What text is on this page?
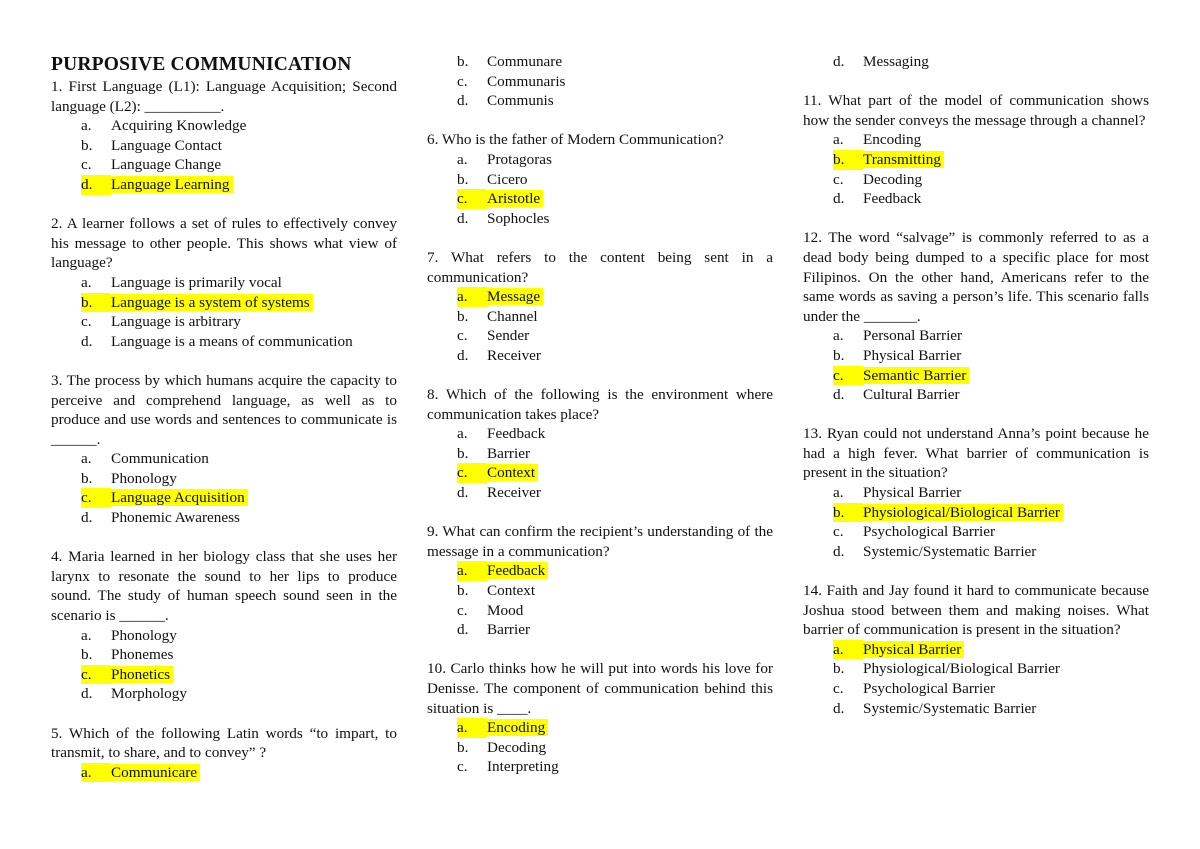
PURPOSIVE COMMUNICATION

1. First Language (L1): Language Acquisition; Second language (L2): __________.

a. Acquiring Knowledge
b. Language Contact
c. Language Change
d. Language Learning

2. A learner follows a set of rules to effectively convey his message to other people. This shows what view of language?

a. Language is primarily vocal
b. Language is a system of systems
c. Language is arbitrary
d. Language is a means of communication

3. The process by which humans acquire the capacity to perceive and comprehend language, as well as to produce and use words and sentences to communicate is ______.

a. Communication
b. Phonology
c. Language Acquisition
d. Phonemic Awareness

4. Maria learned in her biology class that she uses her larynx to resonate the sound to her lips to produce sound. The study of human speech sound seen in the scenario is ______.

a. Phonology
b. Phonemes
c. Phonetics
d. Morphology

5. Which of the following Latin words “to impart, to transmit, to share, and to convey” ?

a. Communicare
b. Communare
c. Communaris
d. Communis

6. Who is the father of Modern Communication?

a. Protagoras
b. Cicero
c. Aristotle
d. Sophocles

7. What refers to the content being sent in a communication?

a. Message
b. Channel
c. Sender
d. Receiver

8. Which of the following is the environment where communication takes place?

a. Feedback
b. Barrier
c. Context
d. Receiver

9. What can confirm the recipient’s understanding of the message in a communication?

a. Feedback
b. Context
c. Mood
d. Barrier

10. Carlo thinks how he will put into words his love for Denisse. The component of communication behind this situation is ____.

a. Encoding
b. Decoding
c. Interpreting
d. Messaging

11. What part of the model of communication shows how the sender conveys the message through a channel?

a. Encoding
b. Transmitting
c. Decoding
d. Feedback

12. The word “salvage” is commonly referred to as a dead body being dumped to a specific place for most Filipinos. On the other hand, Americans refer to the same words as saving a person’s life. This scenario falls under the _______.

a. Personal Barrier
b. Physical Barrier
c. Semantic Barrier
d. Cultural Barrier

13. Ryan could not understand Anna’s point because he had a high fever. What barrier of communication is present in the situation?

a. Physical Barrier
b. Physiological/Biological Barrier
c. Psychological Barrier
d. Systemic/Systematic Barrier

14. Faith and Jay found it hard to communicate because Joshua stood between them and making noises. What barrier of communication is present in the situation?

a. Physical Barrier
b. Physiological/Biological Barrier
c. Psychological Barrier
d. Systemic/Systematic Barrier
